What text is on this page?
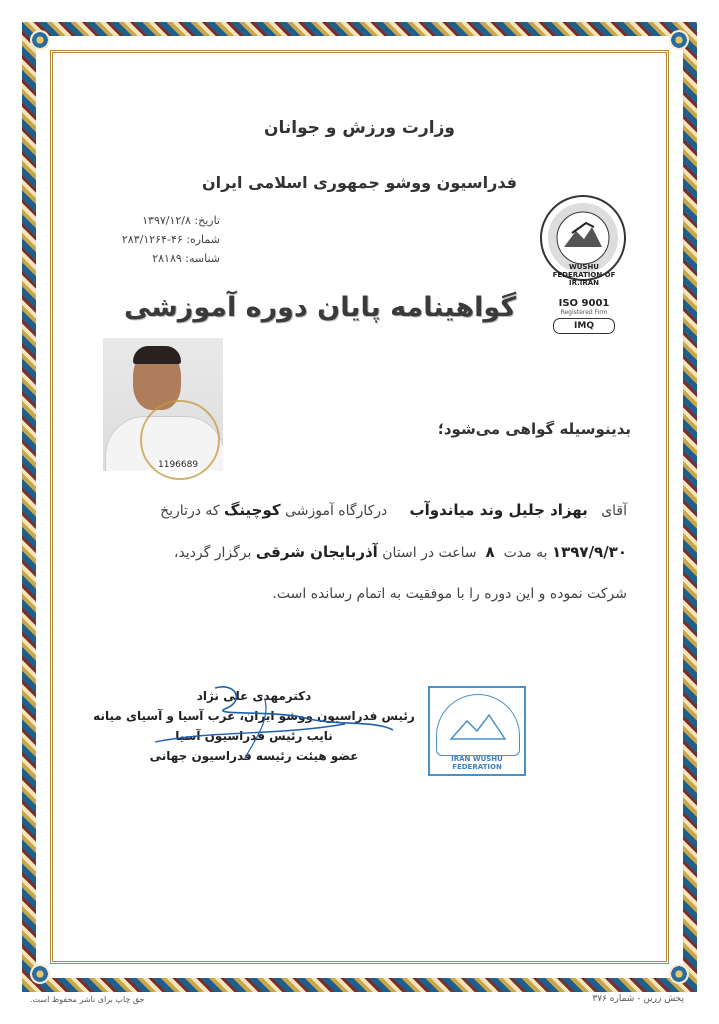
وزارت ورزش و جوانان
فدراسیون ووشو جمهوری اسلامی ایران
تاریخ: ۱۳۹۷/۱۲/۸
شماره: ۴۶-۲۸۳/۱۲۶۴
شناسه: ۲۸۱۸۹
WUSHU FEDERATION OF IR.IRAN
ISO 9001
Registered Firm
IMQ
گواهینامه پایان دوره آموزشی
1196689
بدینوسیله گواهی می‌شود؛
آقای   بهزاد جلیل وند میاندوآب     درکارگاه آموزشی کوچینگ که درتاریخ
۱۳۹۷/۹/۳۰ به مدت  ۸  ساعت در استان آذربایجان شرقی برگزار گردید،
شرکت نموده و این دوره را با موفقیت به اتمام رسانده است.
دکترمهدی علی نژاد
رئیس فدراسیون ووشو ایران، غرب آسیا و آسیای میانه
نایب رئیس فدراسیون آسیا
عضو هیئت رئیسه فدراسیون جهانی	IRAN WUSHU FEDERATION
حق چاپ برای ناشر محفوظ است.	پخش زرین - شماره ۳۷۶
